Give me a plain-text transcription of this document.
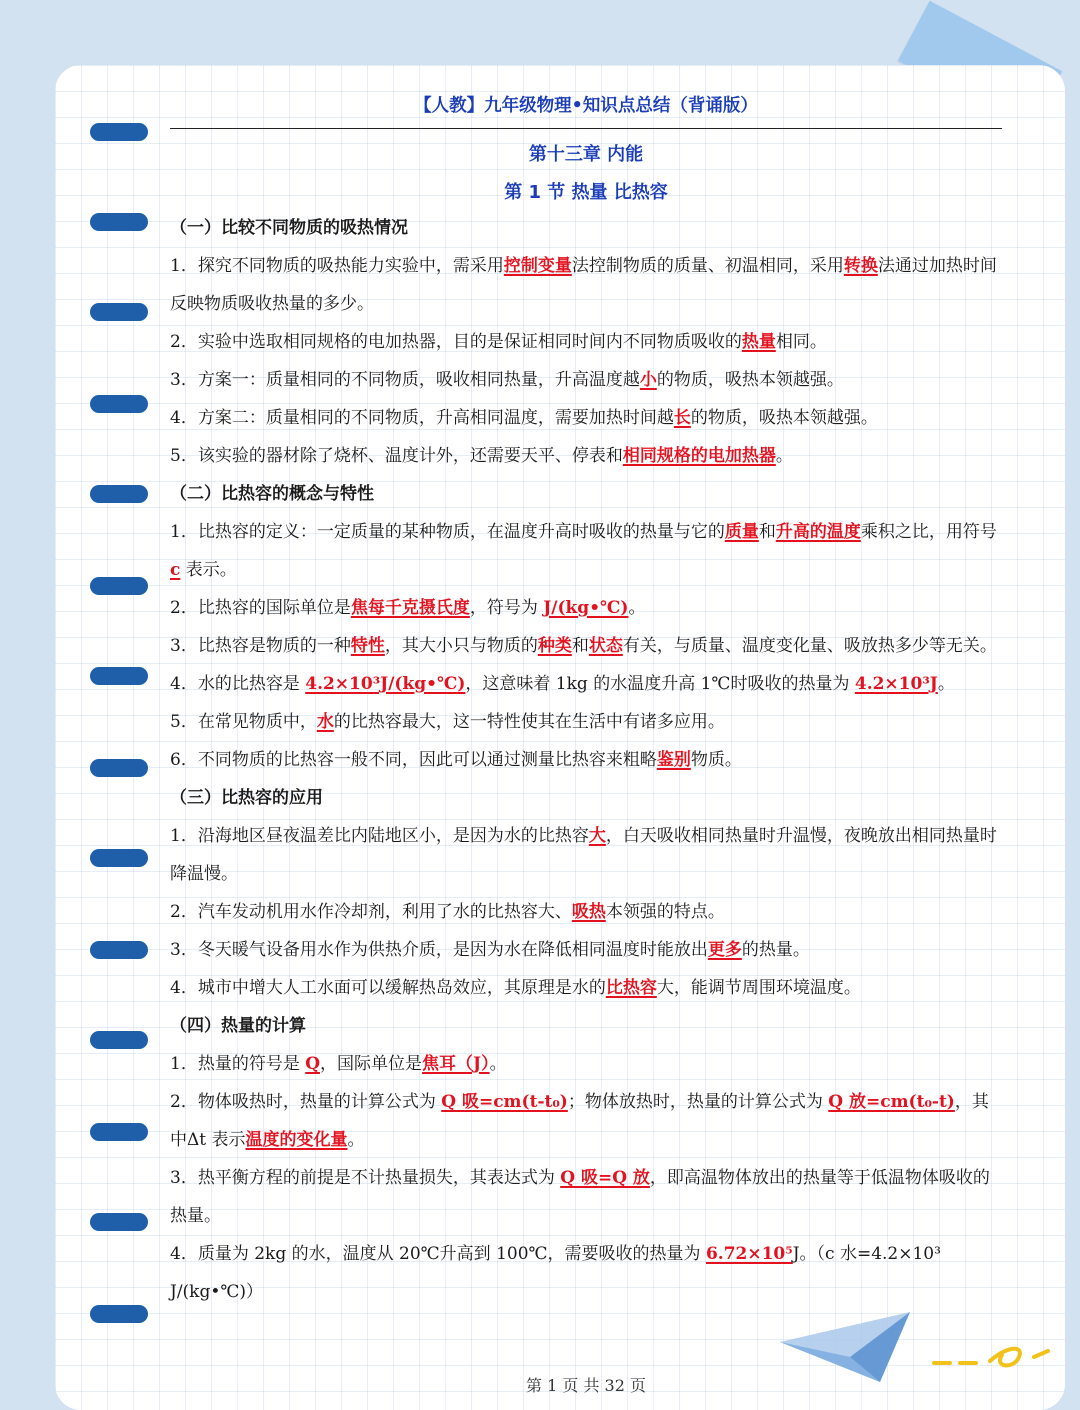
【人教】九年级物理•知识点总结（背诵版）
第十三章 内能
第 1 节 热量 比热容

（一）比较不同物质的吸热情况

1．探究不同物质的吸热能力实验中，需采用控制变量法控制物质的质量、初温相同，采用转换法通过加热时间反映物质吸收热量的多少。

2．实验中选取相同规格的电加热器，目的是保证相同时间内不同物质吸收的热量相同。

3．方案一：质量相同的不同物质，吸收相同热量，升高温度越小的物质，吸热本领越强。

4．方案二：质量相同的不同物质，升高相同温度，需要加热时间越长的物质，吸热本领越强。

5．该实验的器材除了烧杯、温度计外，还需要天平、停表和相同规格的电加热器。

（二）比热容的概念与特性

1．比热容的定义：一定质量的某种物质，在温度升高时吸收的热量与它的质量和升高的温度乘积之比，用符号 c 表示。

2．比热容的国际单位是焦每千克摄氏度，符号为 J/(kg•℃)。

3．比热容是物质的一种特性，其大小只与物质的种类和状态有关，与质量、温度变化量、吸放热多少等无关。

4．水的比热容是 4.2×10³J/(kg•℃)，这意味着 1kg 的水温度升高 1℃时吸收的热量为 4.2×10³J。

5．在常见物质中，水的比热容最大，这一特性使其在生活中有诸多应用。

6．不同物质的比热容一般不同，因此可以通过测量比热容来粗略鉴别物质。

（三）比热容的应用

1．沿海地区昼夜温差比内陆地区小，是因为水的比热容大，白天吸收相同热量时升温慢，夜晚放出相同热量时降温慢。

2．汽车发动机用水作冷却剂，利用了水的比热容大、吸热本领强的特点。

3．冬天暖气设备用水作为供热介质，是因为水在降低相同温度时能放出更多的热量。

4．城市中增大人工水面可以缓解热岛效应，其原理是水的比热容大，能调节周围环境温度。

（四）热量的计算

1．热量的符号是 Q，国际单位是焦耳（J）。

2．物体吸热时，热量的计算公式为 Q 吸=cm(t-t₀)；物体放热时，热量的计算公式为 Q 放=cm(t₀-t)，其中Δt 表示温度的变化量。

3．热平衡方程的前提是不计热量损失，其表达式为 Q 吸=Q 放，即高温物体放出的热量等于低温物体吸收的热量。

4．质量为 2kg 的水，温度从 20℃升高到 100℃，需要吸收的热量为 6.72×10⁵J。（c 水=4.2×10³ J/(kg•℃)）

第 1 页 共 32 页
